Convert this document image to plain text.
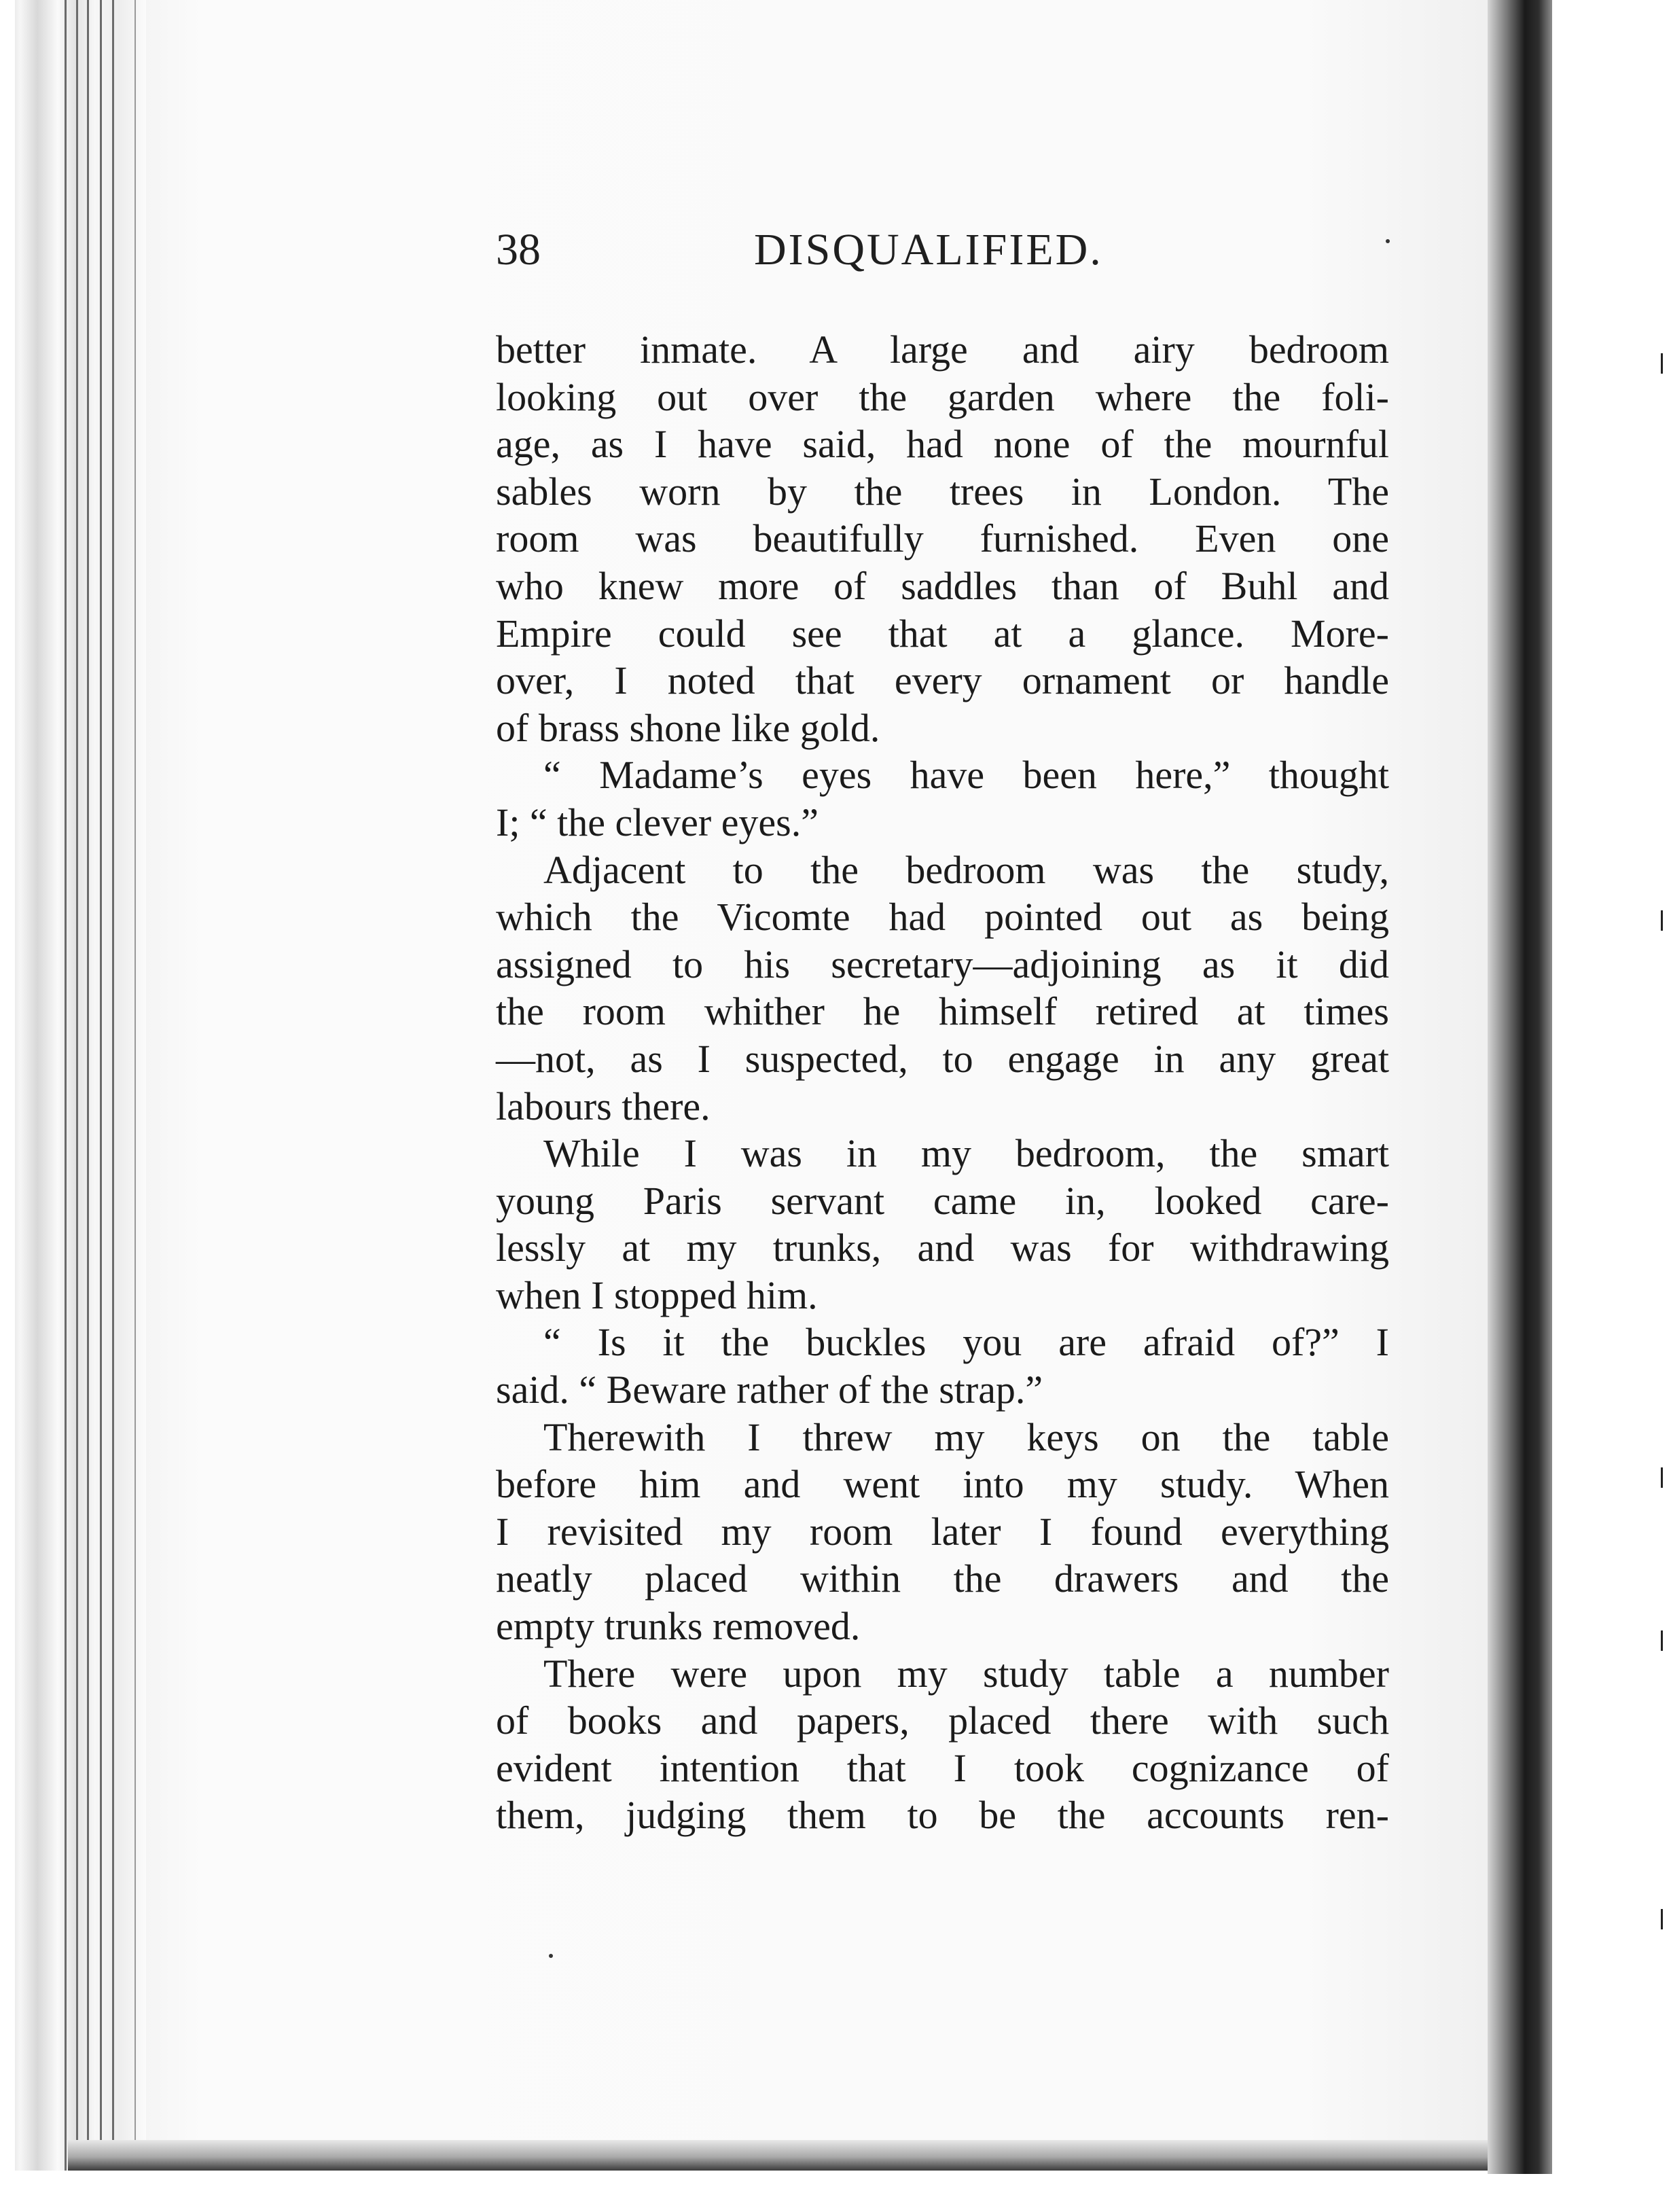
38	DISQUALIFIED.
better inmate. A large and airy bedroom
looking out over the garden where the foli-
age, as I have said, had none of the mournful
sables worn by the trees in London. The
room was beautifully furnished. Even one
who knew more of saddles than of Buhl and
Empire could see that at a glance. More-
over, I noted that every ornament or handle
of brass shone like gold.
“ Madame’s eyes have been here,” thought
I; “ the clever eyes.”
Adjacent to the bedroom was the study,
which the Vicomte had pointed out as being
assigned to his secretary—adjoining as it did
the room whither he himself retired at times
—not, as I suspected, to engage in any great
labours there.
While I was in my bedroom, the smart
young Paris servant came in, looked care-
lessly at my trunks, and was for withdrawing
when I stopped him.
“ Is it the buckles you are afraid of?” I
said. “ Beware rather of the strap.”
Therewith I threw my keys on the table
before him and went into my study. When
I revisited my room later I found everything
neatly placed within the drawers and the
empty trunks removed.
There were upon my study table a number
of books and papers, placed there with such
evident intention that I took cognizance of
them, judging them to be the accounts ren-
